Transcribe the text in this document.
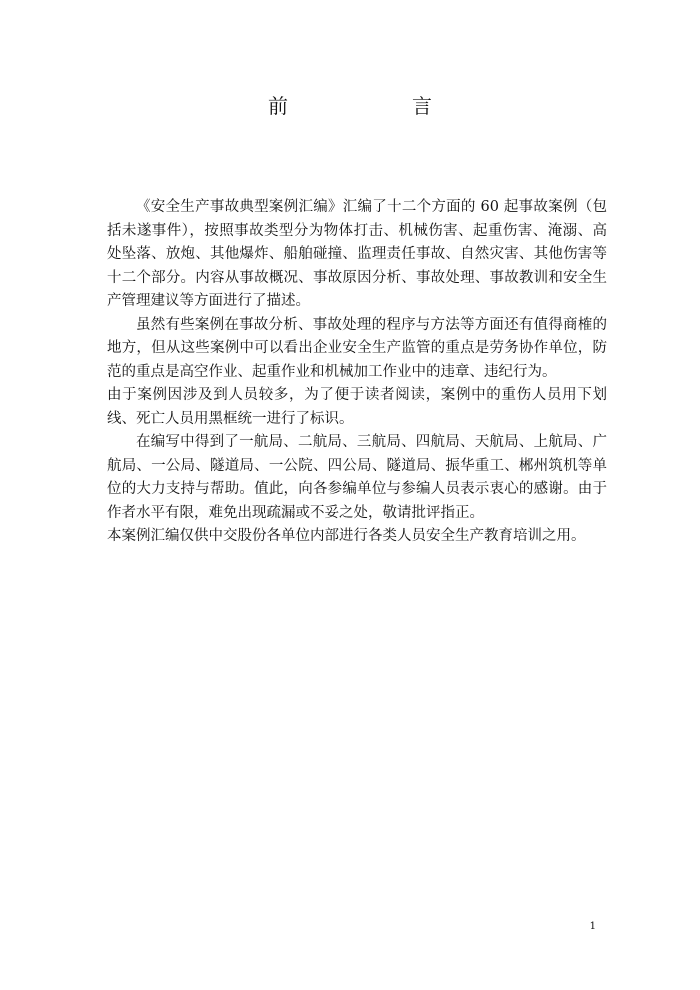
前　　言

《安全生产事故典型案例汇编》汇编了十二个方面的 60 起事故案例（包括未遂事件），按照事故类型分为物体打击、机械伤害、起重伤害、淹溺、高处坠落、放炮、其他爆炸、船舶碰撞、监理责任事故、自然灾害、其他伤害等十二个部分。内容从事故概况、事故原因分析、事故处理、事故教训和安全生产管理建议等方面进行了描述。

虽然有些案例在事故分析、事故处理的程序与方法等方面还有值得商榷的地方，但从这些案例中可以看出企业安全生产监管的重点是劳务协作单位，防范的重点是高空作业、起重作业和机械加工作业中的违章、违纪行为。

由于案例因涉及到人员较多，为了便于读者阅读，案例中的重伤人员用下划线、死亡人员用黑框统一进行了标识。

在编写中得到了一航局、二航局、三航局、四航局、天航局、上航局、广航局、一公局、隧道局、一公院、四公局、隧道局、振华重工、郴州筑机等单位的大力支持与帮助。值此，向各参编单位与参编人员表示衷心的感谢。由于作者水平有限，难免出现疏漏或不妥之处，敬请批评指正。

本案例汇编仅供中交股份各单位内部进行各类人员安全生产教育培训之用。

1
